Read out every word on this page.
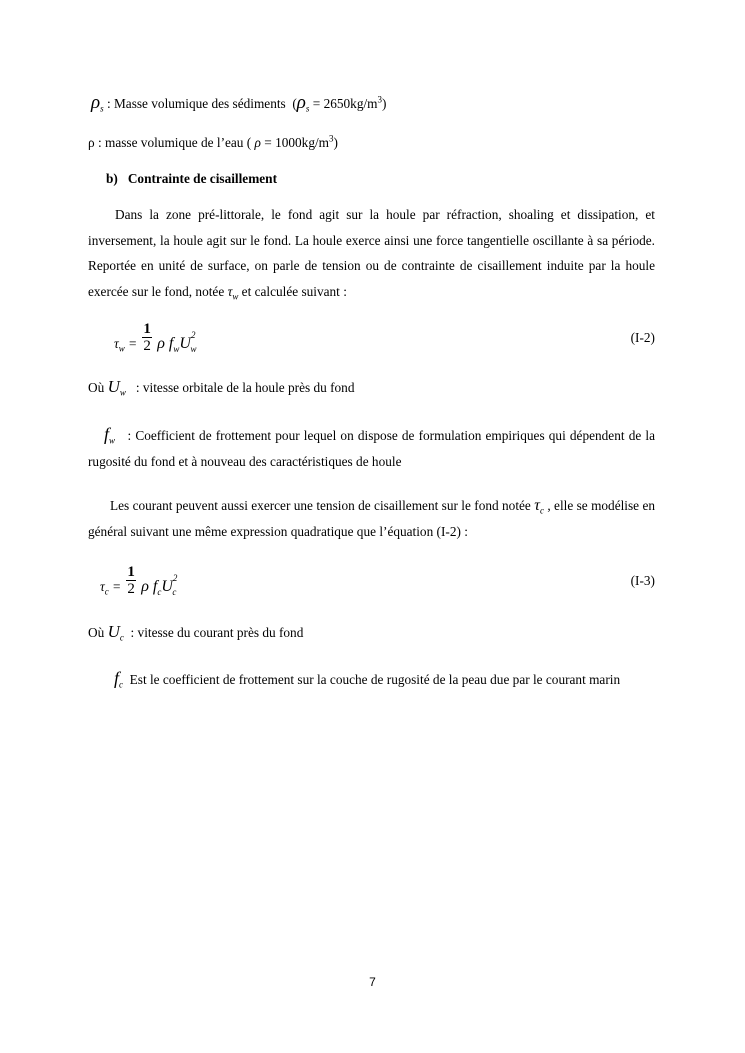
$\rho_s$ : Masse volumique des sédiments  $(\rho_s = 2650kg/m^3)$
ρ : masse volumique de l’eau ( $\rho = 1000kg/m^3$)
b) Contrainte de cisaillement
Dans la zone pré-littorale, le fond agit sur la houle par réfraction, shoaling et dissipation, et inversement, la houle agit sur le fond. La houle exerce ainsi une force tangentielle oscillante à sa période. Reportée en unité de surface, on parle de tension ou de contrainte de cisaillement induite par la houle exercée sur le fond, notée $\tau_w$ et calculée suivant :
$\tau_w = \frac{1}{2}$ ρ $f_wU^2_w$
(I-2)
Où $U_w$ : vitesse orbitale de la houle près du fond
$f_w$ : Coefficient de frottement pour lequel on dispose de formulation empiriques qui dépendent de la rugosité du fond et à nouveau des caractéristiques de houle
Les courant peuvent aussi exercer une tension de cisaillement sur le fond notée $\tau_c$ , elle se modélise en général suivant une même expression quadratique que l’équation (I-2) :
$\tau_c = \frac{1}{2}$ ρ $f_cU^2_c$
(I-3)
Où $U_c$ : vitesse du courant près du fond
$f_c$ Est le coefficient de frottement sur la couche de rugosité de la peau due par le courant marin
7
